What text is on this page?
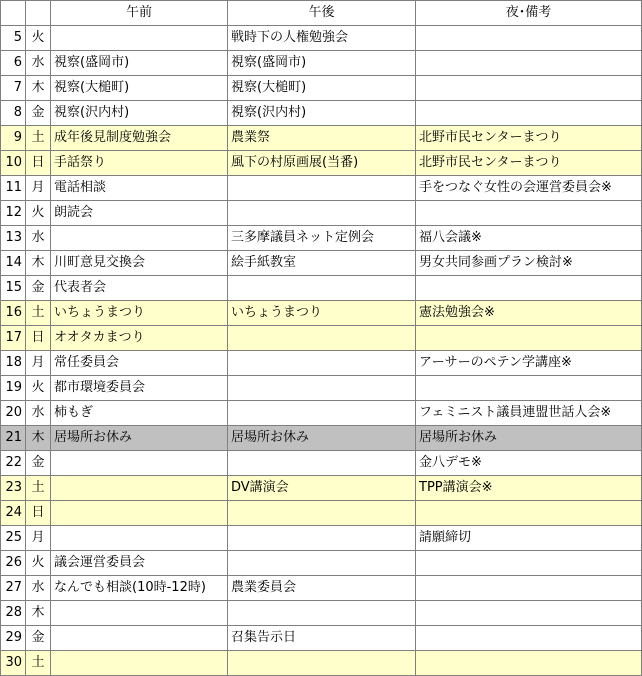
		午前	午後	夜･備考
5	火		戦時下の人権勉強会	
6	水	視察(盛岡市)	視察(盛岡市)	
7	木	視察(大槌町)	視察(大槌町)	
8	金	視察(沢内村)	視察(沢内村)	
9	土	成年後見制度勉強会	農業祭	北野市民センターまつり
10	日	手話祭り	風下の村原画展(当番)	北野市民センターまつり
11	月	電話相談		手をつなぐ女性の会運営委員会※
12	火	朗読会		
13	水		三多摩議員ネット定例会	福八会議※
14	木	川町意見交換会	絵手紙教室	男女共同参画プラン検討※
15	金	代表者会		
16	土	いちょうまつり	いちょうまつり	憲法勉強会※
17	日	オオタカまつり		
18	月	常任委員会		アーサーのペテン学講座※
19	火	都市環境委員会		
20	水	柿もぎ		フェミニスト議員連盟世話人会※
21	木	居場所お休み	居場所お休み	居場所お休み
22	金			金八デモ※
23	土		DV講演会	TPP講演会※
24	日			
25	月			請願締切
26	火	議会運営委員会		
27	水	なんでも相談(10時-12時)	農業委員会	
28	木			
29	金		召集告示日	
30	土			
